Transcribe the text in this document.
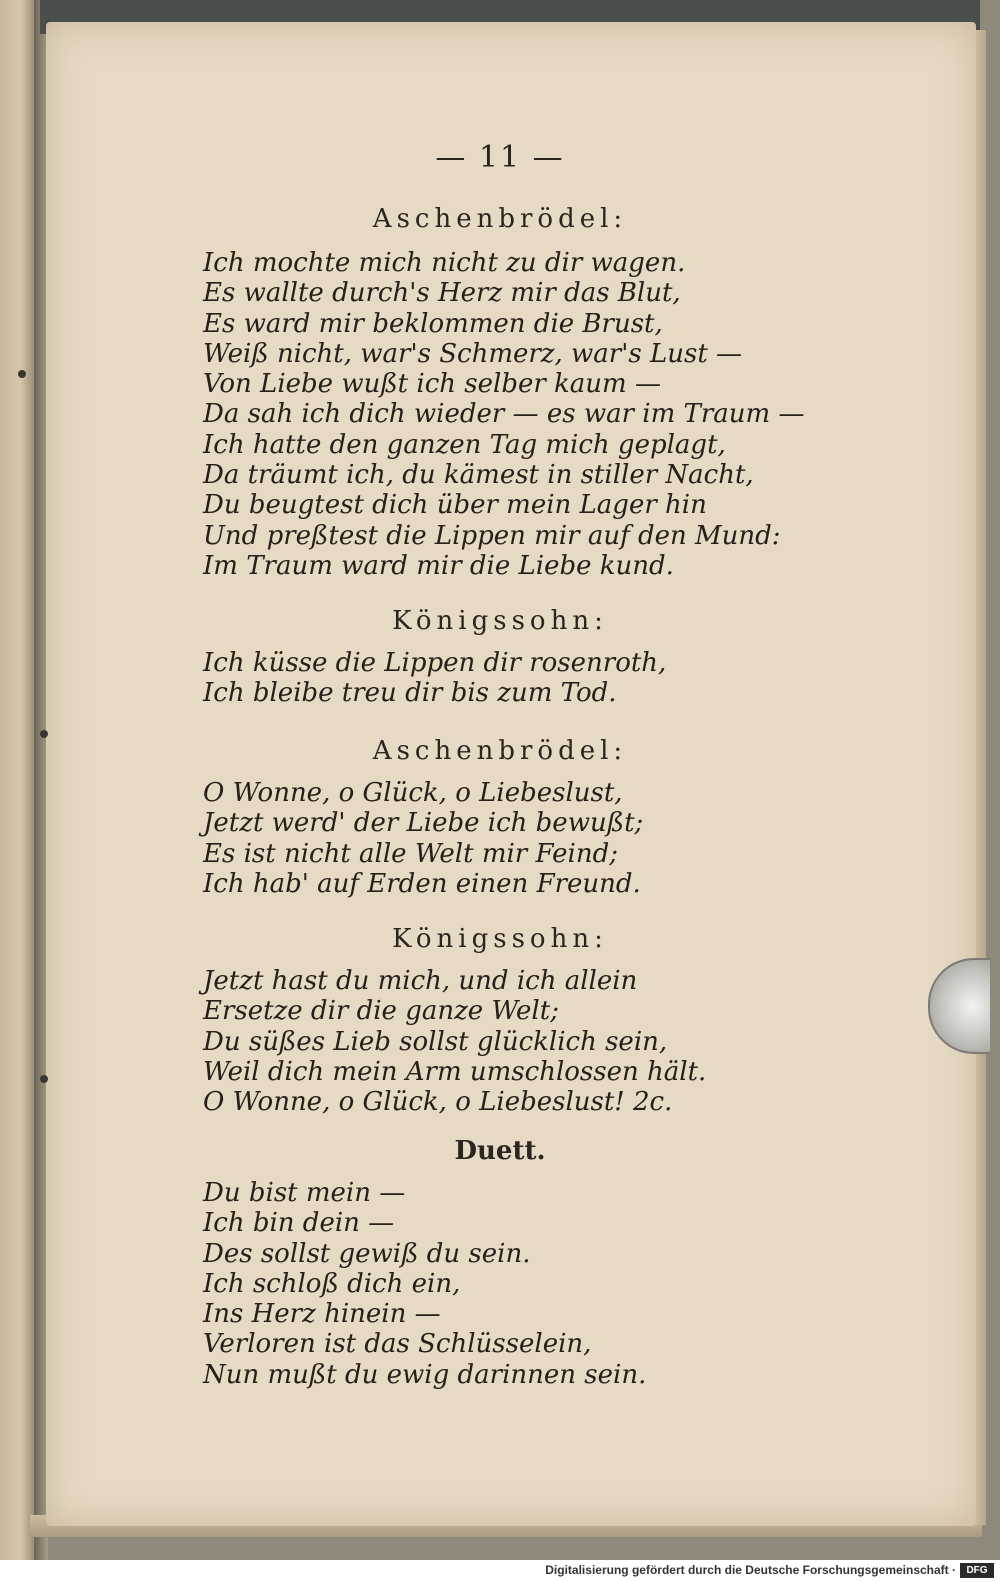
— 11 —
Aschenbrödel:
Ich mochte mich nicht zu dir wagen.
Es wallte durch's Herz mir das Blut,
Es ward mir beklommen die Brust,
Weiß nicht, war's Schmerz, war's Lust —
Von Liebe wußt ich selber kaum —
Da sah ich dich wieder — es war im Traum —
Ich hatte den ganzen Tag mich geplagt,
Da träumt ich, du kämest in stiller Nacht,
Du beugtest dich über mein Lager hin
Und preßtest die Lippen mir auf den Mund:
Im Traum ward mir die Liebe kund.
Königssohn:
Ich küsse die Lippen dir rosenroth,
Ich bleibe treu dir bis zum Tod.
Aschenbrödel:
O Wonne, o Glück, o Liebeslust,
Jetzt werd' der Liebe ich bewußt;
Es ist nicht alle Welt mir Feind;
Ich hab' auf Erden einen Freund.
Königssohn:
Jetzt hast du mich, und ich allein
Ersetze dir die ganze Welt;
Du süßes Lieb sollst glücklich sein,
Weil dich mein Arm umschlossen hält.
O Wonne, o Glück, o Liebeslust! 2c.
Duett.
Du bist mein —
Ich bin dein —
Des sollst gewiß du sein.
Ich schloß dich ein,
Ins Herz hinein —
Verloren ist das Schlüsselein,
Nun mußt du ewig darinnen sein.
Digitalisierung gefördert durch die Deutsche Forschungsgemeinschaft ·	DFG
